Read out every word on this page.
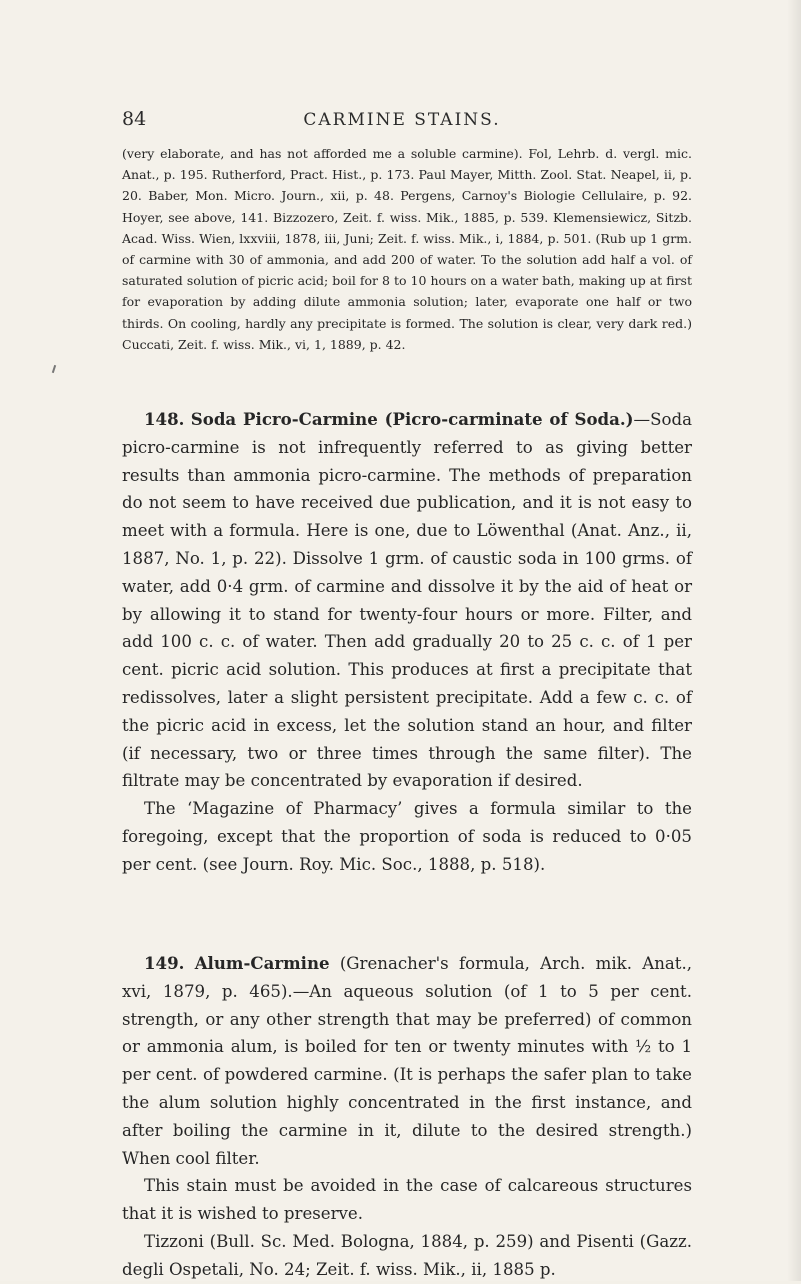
84	CARMINE STAINS.

(very elaborate, and has not afforded me a soluble carmine). Fol, Lehrb. d. vergl. mic. Anat., p. 195. Rutherford, Pract. Hist., p. 173. Paul Mayer, Mitth. Zool. Stat. Neapel, ii, p. 20. Baber, Mon. Micro. Journ., xii, p. 48. Pergens, Carnoy's Biologie Cellulaire, p. 92. Hoyer, see above, 141. Bizzozero, Zeit. f. wiss. Mik., 1885, p. 539. Klemensiewicz, Sitzb. Acad. Wiss. Wien, lxxviii, 1878, iii, Juni; Zeit. f. wiss. Mik., i, 1884, p. 501. (Rub up 1 grm. of carmine with 30 of ammonia, and add 200 of water. To the solution add half a vol. of saturated solution of picric acid; boil for 8 to 10 hours on a water bath, making up at first for evaporation by adding dilute ammonia solution; later, evaporate one half or two thirds. On cooling, hardly any precipitate is formed. The solution is clear, very dark red.) Cuccati, Zeit. f. wiss. Mik., vi, 1, 1889, p. 42.

148. Soda Picro-Carmine (Picro-carminate of Soda.)—Soda picro-carmine is not infrequently referred to as giving better results than ammonia picro-carmine. The methods of preparation do not seem to have received due publication, and it is not easy to meet with a formula. Here is one, due to Löwenthal (Anat. Anz., ii, 1887, No. 1, p. 22). Dissolve 1 grm. of caustic soda in 100 grms. of water, add 0·4 grm. of carmine and dissolve it by the aid of heat or by allowing it to stand for twenty-four hours or more. Filter, and add 100 c. c. of water. Then add gradually 20 to 25 c. c. of 1 per cent. picric acid solution. This produces at first a precipitate that redissolves, later a slight persistent precipitate. Add a few c. c. of the picric acid in excess, let the solution stand an hour, and filter (if necessary, two or three times through the same filter). The filtrate may be concentrated by evaporation if desired.

The ‘Magazine of Pharmacy’ gives a formula similar to the foregoing, except that the proportion of soda is reduced to 0·05 per cent. (see Journ. Roy. Mic. Soc., 1888, p. 518).

149. Alum-Carmine (Grenacher's formula, Arch. mik. Anat., xvi, 1879, p. 465).—An aqueous solution (of 1 to 5 per cent. strength, or any other strength that may be preferred) of common or ammonia alum, is boiled for ten or twenty minutes with ½ to 1 per cent. of powdered carmine. (It is perhaps the safer plan to take the alum solution highly concentrated in the first instance, and after boiling the carmine in it, dilute to the desired strength.) When cool filter.

This stain must be avoided in the case of calcareous structures that it is wished to preserve.

Tizzoni (Bull. Sc. Med. Bologna, 1884, p. 259) and Pisenti (Gazz. degli Ospetali, No. 24; Zeit. f. wiss. Mik., ii, 1885 p.
